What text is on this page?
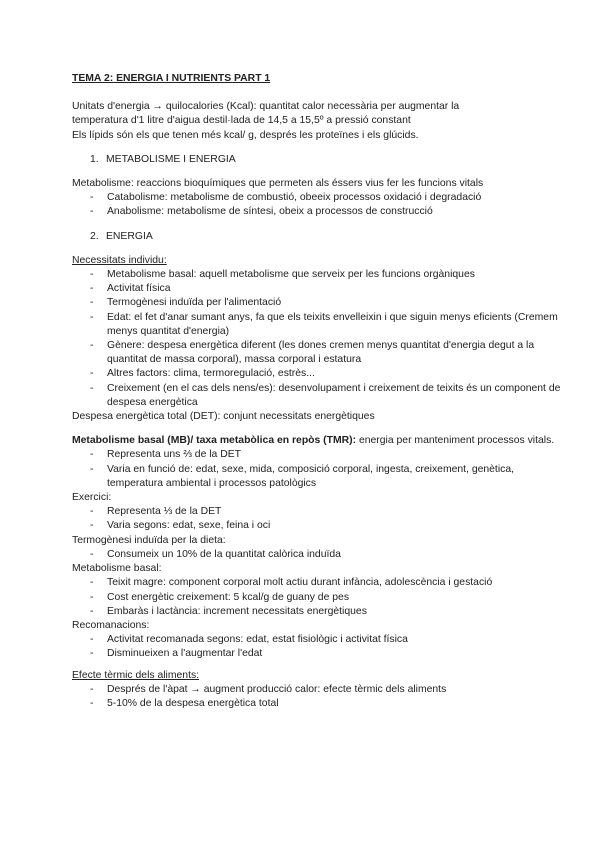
TEMA 2: ENERGIA I NUTRIENTS PART 1

Unitats d'energia → quilocalories (Kcal): quantitat calor necessària per augmentar la

temperatura d'1 litre d'aigua destil·lada de 14,5 a 15,5º a pressió constant

Els lípids són els que tenen més kcal/ g, després les proteïnes i els glúcids.

1. METABOLISME I ENERGIA

Metabolisme: reaccions bioquímiques que permeten als éssers vius fer les funcions vitals

- Catabolisme: metabolisme de combustió, obeeix processos oxidació i degradació
- Anabolisme: metabolisme de síntesi, obeix a processos de construcció

2. ENERGIA

Necessitats individu:

- Metabolisme basal: aquell metabolisme que serveix per les funcions orgàniques
- Activitat física
- Termogènesi induïda per l'alimentació
- Edat: el fet d'anar sumant anys, fa que els teixits envelleixin i que siguin menys eficients (Cremem menys quantitat d'energia)
- Gènere: despesa energètica diferent (les dones cremen menys quantitat d'energia degut a la quantitat de massa corporal), massa corporal i estatura
- Altres factors: clima, termoregulació, estrès...
- Creixement (en el cas dels nens/es): desenvolupament i creixement de teixits és un component de despesa energètica

Despesa energètica total (DET): conjunt necessitats energètiques

Metabolisme basal (MB)/ taxa metabòlica en repòs (TMR): energia per manteniment processos vitals.

- Representa uns ⅔ de la DET
- Varia en funció de: edat, sexe, mida, composició corporal, ingesta, creixement, genètica, temperatura ambiental i processos patològics

Exercici:

- Representa ⅓ de la DET
- Varia segons: edat, sexe, feina i oci

Termogènesi induïda per la dieta:

- Consumeix un 10% de la quantitat calòrica induïda

Metabolisme basal:

- Teixit magre: component corporal molt actiu durant infància, adolescència i gestació
- Cost energètic creixement: 5 kcal/g de guany de pes
- Embaràs i lactància: increment necessitats energètiques

Recomanacions:

- Activitat recomanada segons: edat, estat fisiològic i activitat física
- Disminueixen a l'augmentar l'edat

Efecte tèrmic dels aliments:

- Després de l'àpat → augment producció calor: efecte tèrmic dels aliments
- 5-10% de la despesa energètica total
